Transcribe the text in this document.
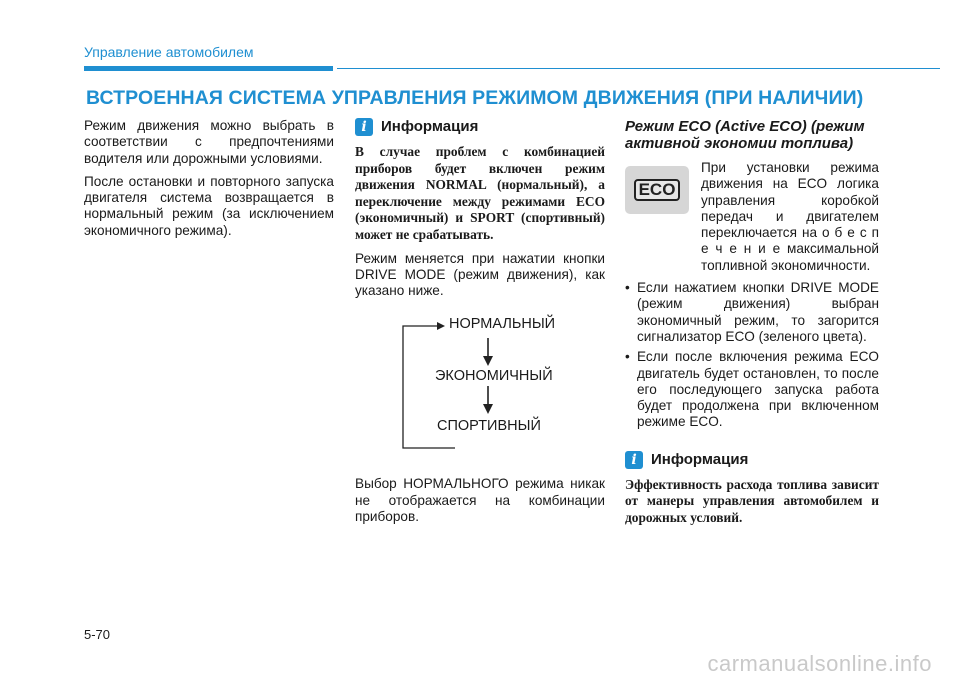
Управление автомобилем
ВСТРОЕННАЯ СИСТЕМА УПРАВЛЕНИЯ РЕЖИМОМ ДВИЖЕНИЯ (ПРИ НАЛИЧИИ)

Режим движения можно выбрать в соответствии с предпочтениями водителя или дорожными условиями.

После остановки и повторного запуска двигателя система возвращается в нормальный режим (за исключением экономичного режима).

i Информация

В случае проблем с комбинацией приборов будет включен режим движения NORMAL (нормальный), а переключение между режимами ECO (экономичный) и SPORT (спортивный) может не срабатывать.

Режим меняется при нажатии кнопки DRIVE MODE (режим движения), как указано ниже.

НОРМАЛЬНЫЙ
ЭКОНОМИЧНЫЙ
СПОРТИВНЫЙ

Выбор НОРМАЛЬНОГО режима никак не отображается на комбинации приборов.

Режим ECO (Active ECO) (режим активной экономии топлива)
ECO
При установки режима движения на ECO логика управления коробкой передач и двигателем переключается на о б е с п е ч е н и е максимальной топливной экономичности.
• Если нажатием кнопки DRIVE MODE (режим движения) выбран экономичный режим, то загорится сигнализатор ECO (зеленого цвета).
• Если после включения режима ECO двигатель будет остановлен, то после его последующего запуска работа будет продолжена при включенном режиме ECO.
i Информация

Эффективность расхода топлива зависит от манеры управления автомобилем и дорожных условий.

5-70
carmanualsonline.info
